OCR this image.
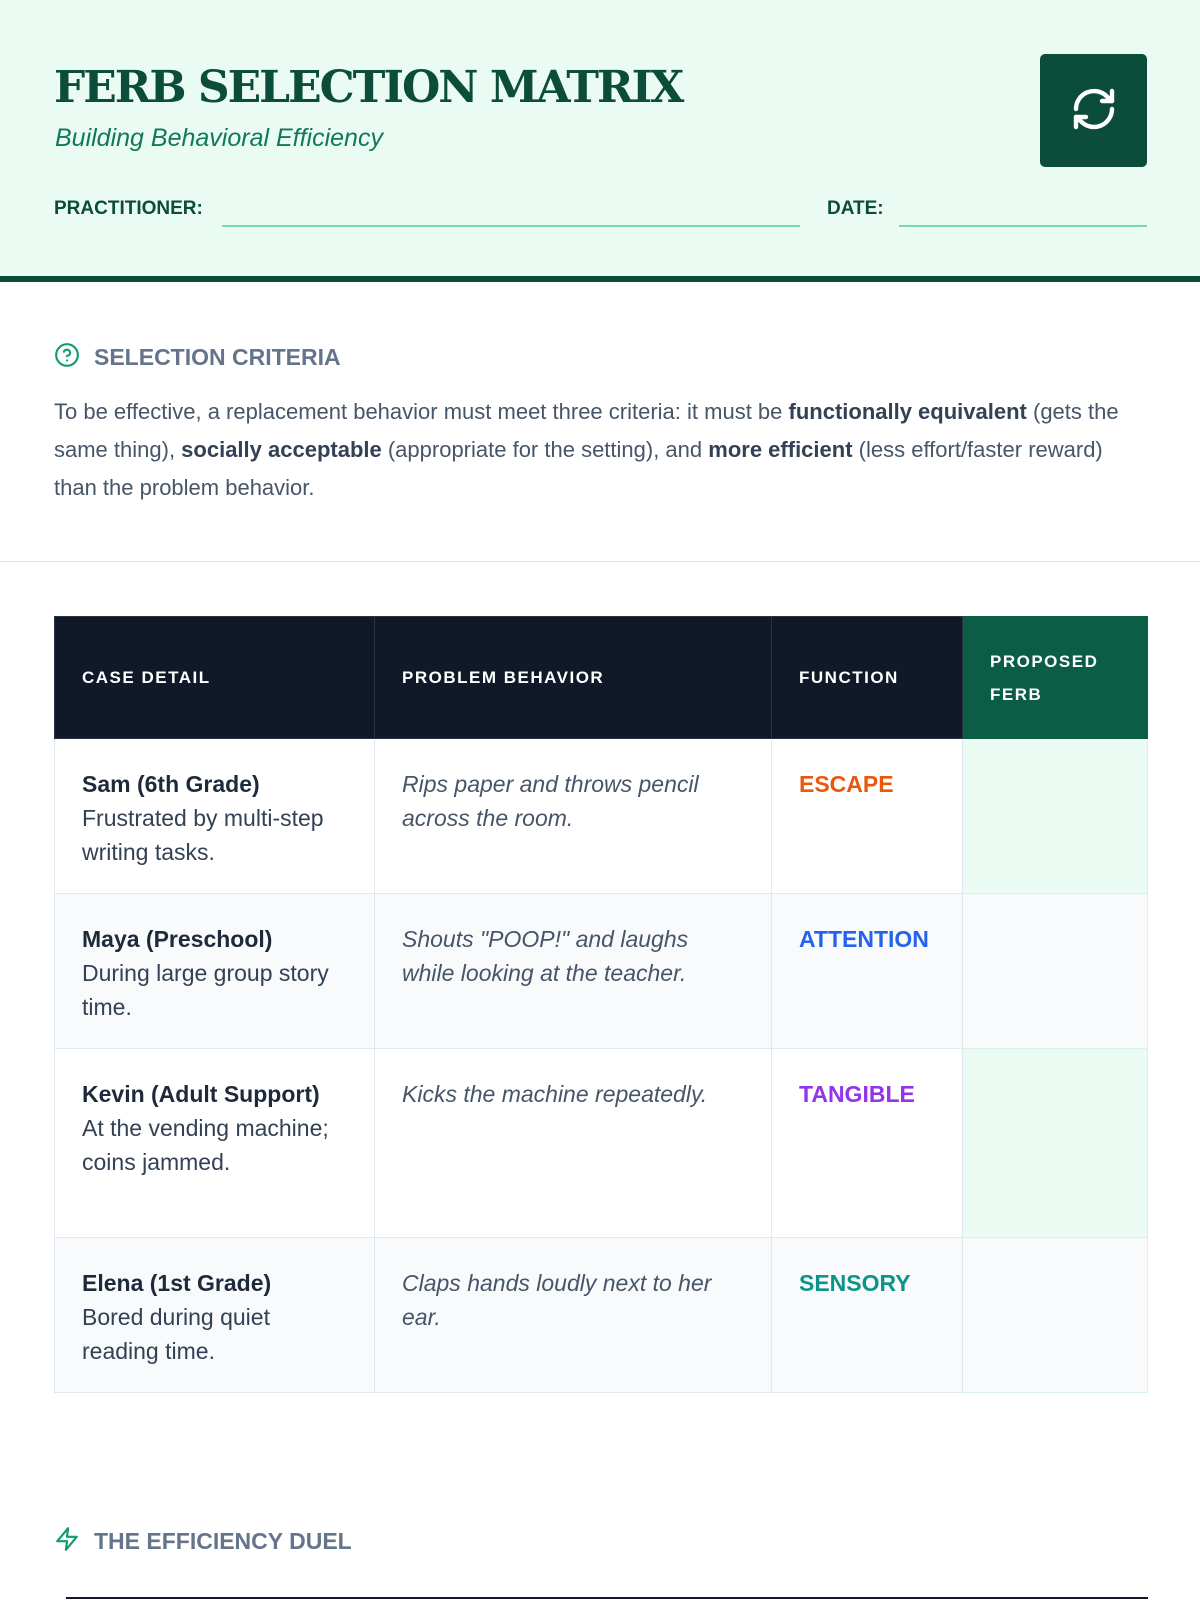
FERB SELECTION MATRIX
Building Behavioral Efficiency
PRACTITIONER:	DATE:
SELECTION CRITERIA

To be effective, a replacement behavior must meet three criteria: it must be functionally equivalent (gets the same thing), socially acceptable (appropriate for the setting), and more efficient (less effort/faster reward) than the problem behavior.

CASE DETAIL	PROBLEM BEHAVIOR	FUNCTION	PROPOSED FERB

Sam (6th Grade)
Frustrated by multi-step writing tasks.	Rips paper and throws pencil across the room.	ESCAPE	

Maya (Preschool)
During large group story time.	Shouts "POOP!" and laughs while looking at the teacher.	ATTENTION	

Kevin (Adult Support)
At the vending machine; coins jammed.	Kicks the machine repeatedly.	TANGIBLE	

Elena (1st Grade)
Bored during quiet reading time.	Claps hands loudly next to her ear.	SENSORY	
THE EFFICIENCY DUEL
